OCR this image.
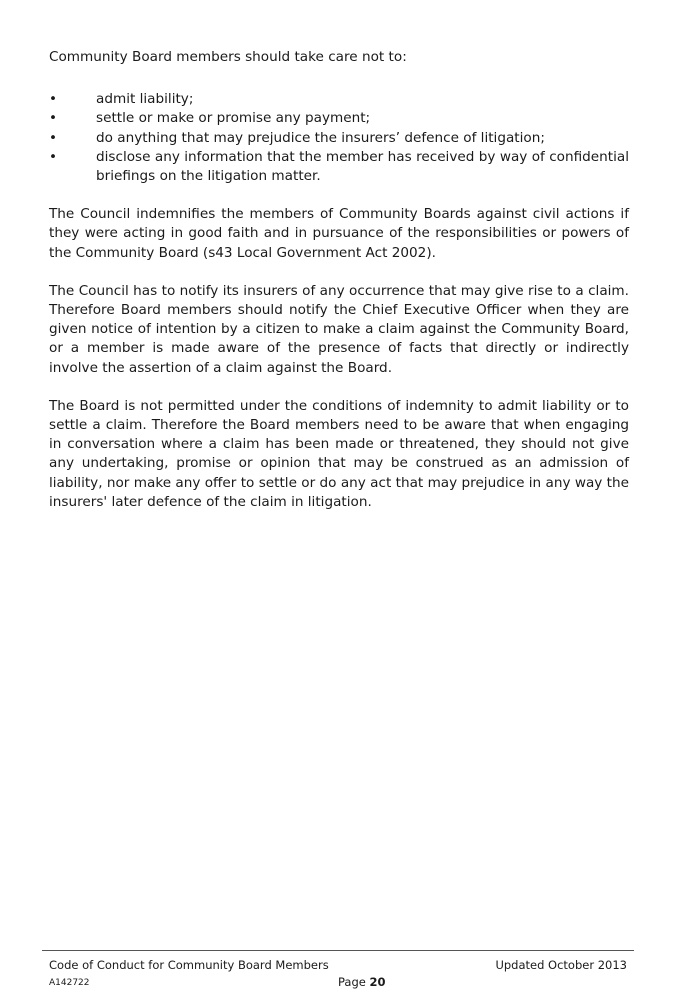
Community Board members should take care not to:

•	admit liability;
•	settle or make or promise any payment;
•	do anything that may prejudice the insurers’ defence of litigation;
•	disclose any information that the member has received by way of confidential briefings on the litigation matter.

The Council indemnifies the members of Community Boards against civil actions if they were acting in good faith and in pursuance of the responsibilities or powers of the Community Board (s43 Local Government Act 2002).

The Council has to notify its insurers of any occurrence that may give rise to a claim. Therefore Board members should notify the Chief Executive Officer when they are given notice of intention by a citizen to make a claim against the Community Board, or a member is made aware of the presence of facts that directly or indirectly involve the assertion of a claim against the Board.

The Board is not permitted under the conditions of indemnity to admit liability or to settle a claim. Therefore the Board members need to be aware that when engaging in conversation where a claim has been made or threatened, they should not give any undertaking, promise or opinion that may be construed as an admission of liability, nor make any offer to settle or do any act that may prejudice in any way the insurers' later defence of the claim in litigation.

Code of Conduct for Community Board Members	Updated October 2013
A142722	Page 20
